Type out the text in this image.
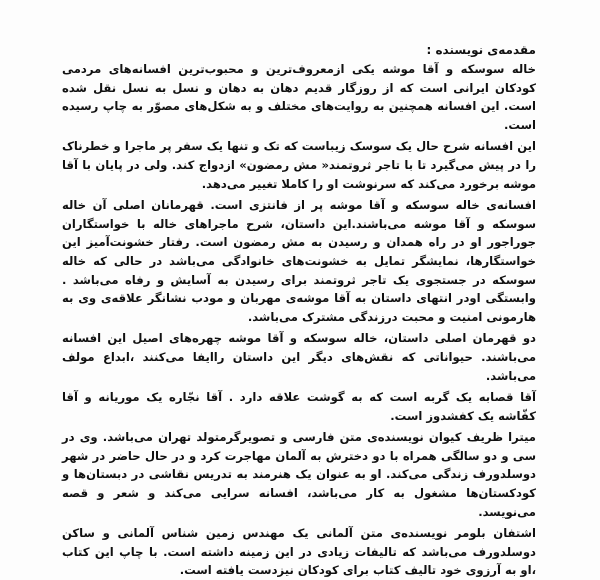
مقدمه‌ی نویسنده :
خاله سوسکه و آقا موشه یکی ازمعروف‌ترین و محبوب‌ترین افسانه‌های مردمی کودکان ایرانی است که از روزگار قدیم دهان به دهان و نسل به نسل نقل شده است. این افسانه همچنین به روایت‌های مختلف و به شکل‌های مصوّر به چاپ رسیده است.
این افسانه شرح حال یک سوسک زیباست که تک و تنها یک سفر پر ماجرا و خطرناک را در پیش می‌گیرد تا با تاجر ثروتمند« مش رمضون» ازدواج کند. ولی در پایان با آقا موشه برخورد می‌کند که سرنوشت او را کاملا تغییر می‌دهد.
افسانه‌ی خاله سوسکه و آقا موشه پر از فانتزی است. قهرمانان اصلی آن خاله سوسکه و آقا موشه می‌باشند.این داستان، شرح ماجراهای خاله با خواستگاران جوراجور او در راه همدان و رسیدن به مش رمضون است. رفتار خشونت‌آمیز این خواستگارها، نمایشگر تمایل به خشونت‌های خانوادگی می‌باشد در حالی که خاله سوسکه در جستجوی یک تاجر ثروتمند برای رسیدن به آسایش و رفاه می‌باشد . وابستگی اودر انتهای داستان به آقا موشه‌ی مهربان و مودب نشانگر علاقه‌ی وی به هارمونی امنیت و محبت درزندگی مشترک می‌باشد.
دو قهرمان اصلی داستان، خاله سوسکه و آقا موشه چهره‌های اصیل این افسانه می‌باشند. حیواناتی که نقش‌های دیگر این داستان راایفا می‌کنند ،ابداع مولف می‌باشد.
آقا قصابه یک گربه است که به گوشت علاقه دارد . آقا نجّاره یک موریانه و آقا کفّاشه یک کفشدوز است.
میترا ظریف کیوان نویسنده‌ی متن فارسی و تصویرگرمتولد تهران می‌باشد. وی در سی و دو سالگی همراه با دو دخترش به آلمان مهاجرت کرد و در حال حاضر در شهر دوسلدورف زندگی می‌کند. او به عنوان یک هنرمند به تدریس نقاشی در دبستان‌ها و کودکستان‌ها مشغول به کار می‌باشد، افسانه سرایی می‌کند و شعر و قصه می‌نویسد.
اشتفان بلومر نویسنده‌ی متن آلمانی یک مهندس زمین شناس آلمانی و ساکن دوسلدورف می‌باشد که تالیفات زیادی در این زمینه داشته است. با چاپ این کتاب ،او به آرزوی خود تالیف کتاب برای کودکان نیزدست یافته است.
